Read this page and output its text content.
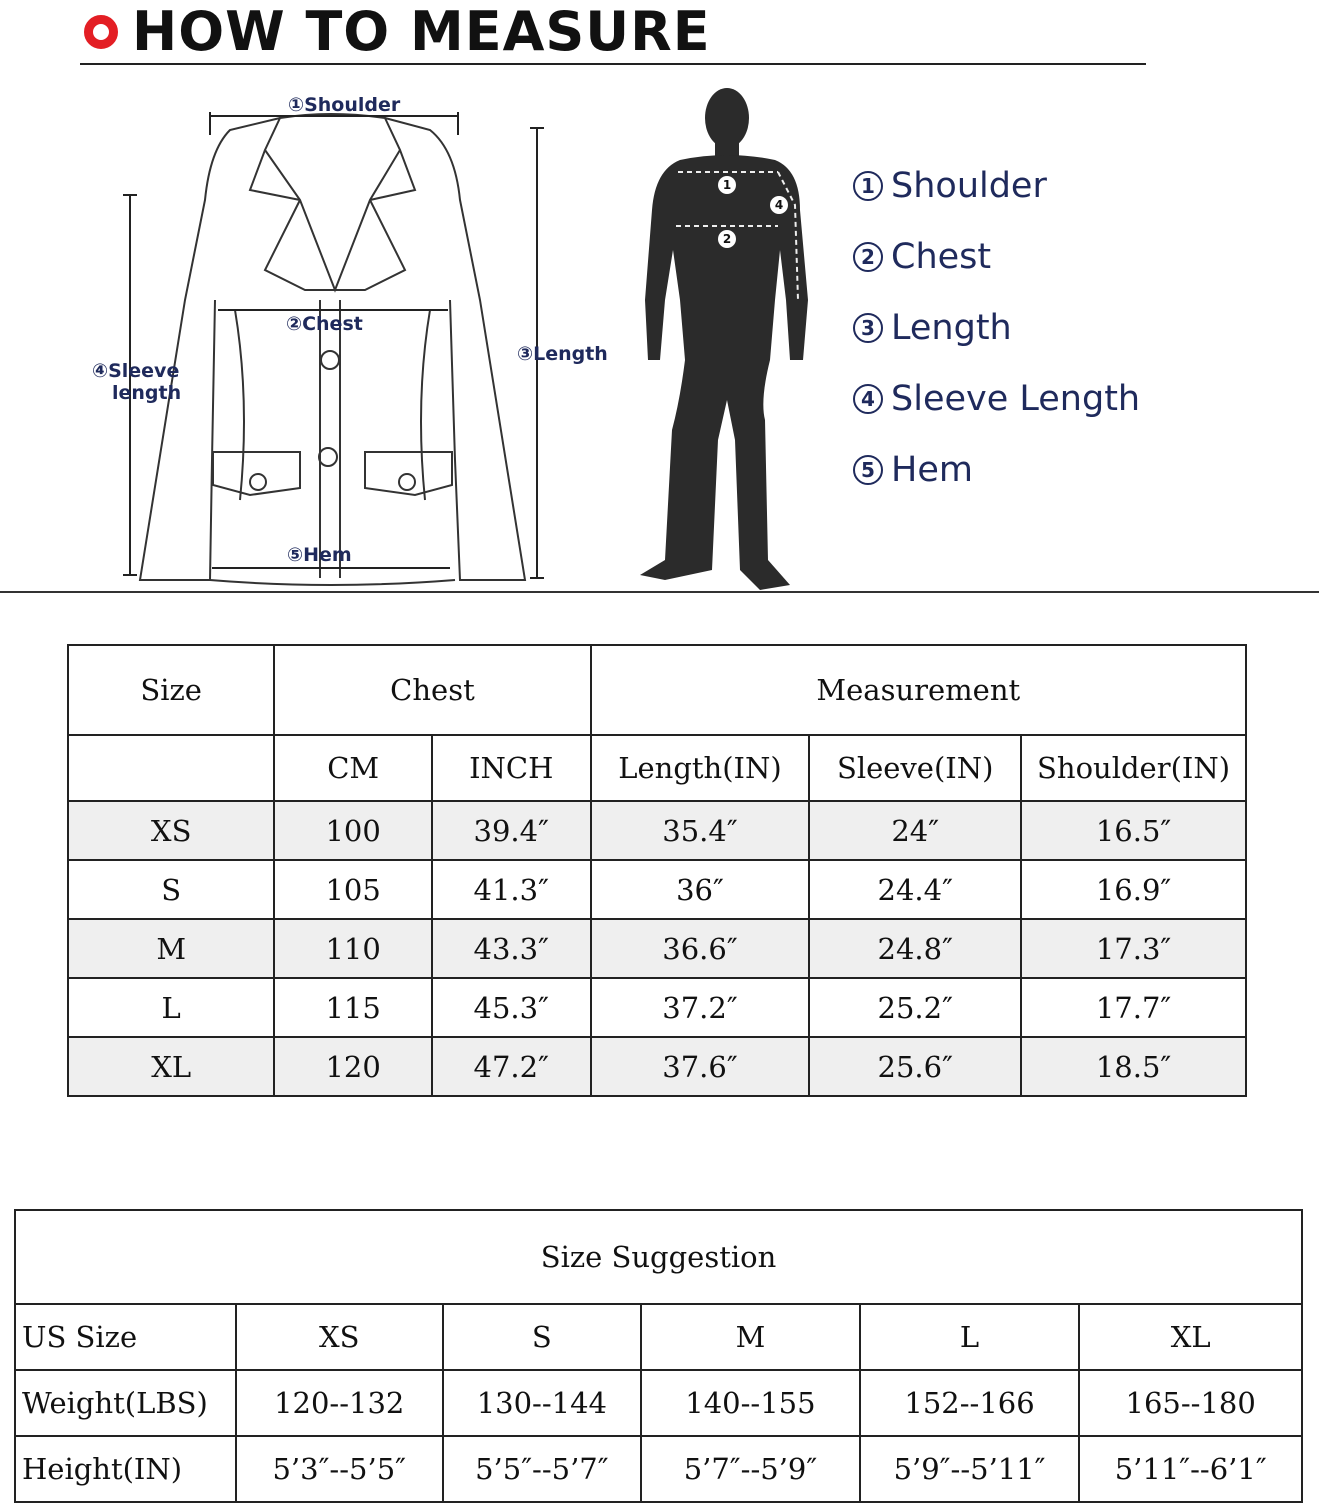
HOW TO MEASURE
①Shoulder
②Chest
③Length
④Sleeve
length
⑤Hem
1
2
4
1 Shoulder
2 Chest
3 Length
4 Sleeve Length
5 Hem
Size	Chest		Measurement		
	CM	INCH	Length(IN)	Sleeve(IN)	Shoulder(IN)
XS	100	39.4″	35.4″	24″	16.5″
S	105	41.3″	36″	24.4″	16.9″
M	110	43.3″	36.6″	24.8″	17.3″
L	115	45.3″	37.2″	25.2″	17.7″
XL	120	47.2″	37.6″	25.6″	18.5″
Size Suggestion					
US Size	XS	S	M	L	XL
Weight(LBS)	120--132	130--144	140--155	152--166	165--180
Height(IN)	5’3″--5’5″	5’5″--5’7″	5’7″--5’9″	5’9″--5’11″	5’11″--6’1″
